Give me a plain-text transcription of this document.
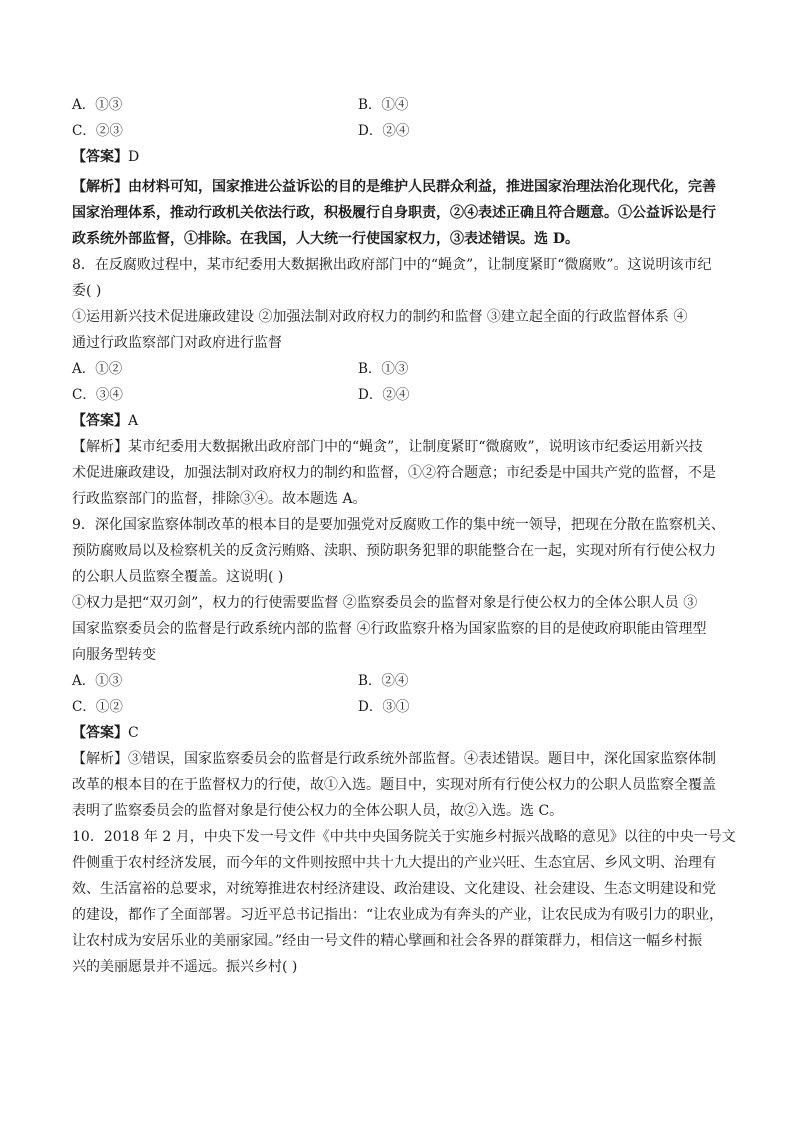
A．①③	B．①④
C．②③	D．②④
【答案】D
【解析】由材料可知，国家推进公益诉讼的目的是维护人民群众利益，推进国家治理法治化现代化，完善
国家治理体系，推动行政机关依法行政，积极履行自身职责，②④表述正确且符合题意。①公益诉讼是行
政系统外部监督，①排除。在我国，人大统一行使国家权力，③表述错误。选 D。
8．在反腐败过程中，某市纪委用大数据揪出政府部门中的“蝇贪”，让制度紧盯“微腐败”。这说明该市纪
委( )
①运用新兴技术促进廉政建设 ②加强法制对政府权力的制约和监督 ③建立起全面的行政监督体系 ④
通过行政监察部门对政府进行监督
A．①②	B．①③
C．③④	D．②④
【答案】A
【解析】某市纪委用大数据揪出政府部门中的“蝇贪”，让制度紧盯“微腐败”，说明该市纪委运用新兴技
术促进廉政建设，加强法制对政府权力的制约和监督，①②符合题意；市纪委是中国共产党的监督，不是
行政监察部门的监督，排除③④。故本题选 A。
9．深化国家监察体制改革的根本目的是要加强党对反腐败工作的集中统一领导，把现在分散在监察机关、
预防腐败局以及检察机关的反贪污贿赂、渎职、预防职务犯罪的职能整合在一起，实现对所有行使公权力
的公职人员监察全覆盖。这说明( )
①权力是把“双刃剑”，权力的行使需要监督 ②监察委员会的监督对象是行使公权力的全体公职人员 ③
国家监察委员会的监督是行政系统内部的监督 ④行政监察升格为国家监察的目的是使政府职能由管理型
向服务型转变
A．①③	B．②④
C．①②	D．③①
【答案】C
【解析】③错误，国家监察委员会的监督是行政系统外部监督。④表述错误。题目中，深化国家监察体制
改革的根本目的在于监督权力的行使，故①入选。题目中，实现对所有行使公权力的公职人员监察全覆盖
表明了监察委员会的监督对象是行使公权力的全体公职人员，故②入选。选 C。
10．2018 年 2 月，中央下发一号文件《中共中央国务院关于实施乡村振兴战略的意见》以往的中央一号文
件侧重于农村经济发展，而今年的文件则按照中共十九大提出的产业兴旺、生态宜居、乡风文明、治理有
效、生活富裕的总要求，对统筹推进农村经济建设、政治建设、文化建设、社会建设、生态文明建设和党
的建设，都作了全面部署。习近平总书记指出：“让农业成为有奔头的产业，让农民成为有吸引力的职业，
让农村成为安居乐业的美丽家园。”经由一号文件的精心擘画和社会各界的群策群力，相信这一幅乡村振
兴的美丽愿景并不遥远。振兴乡村( )
